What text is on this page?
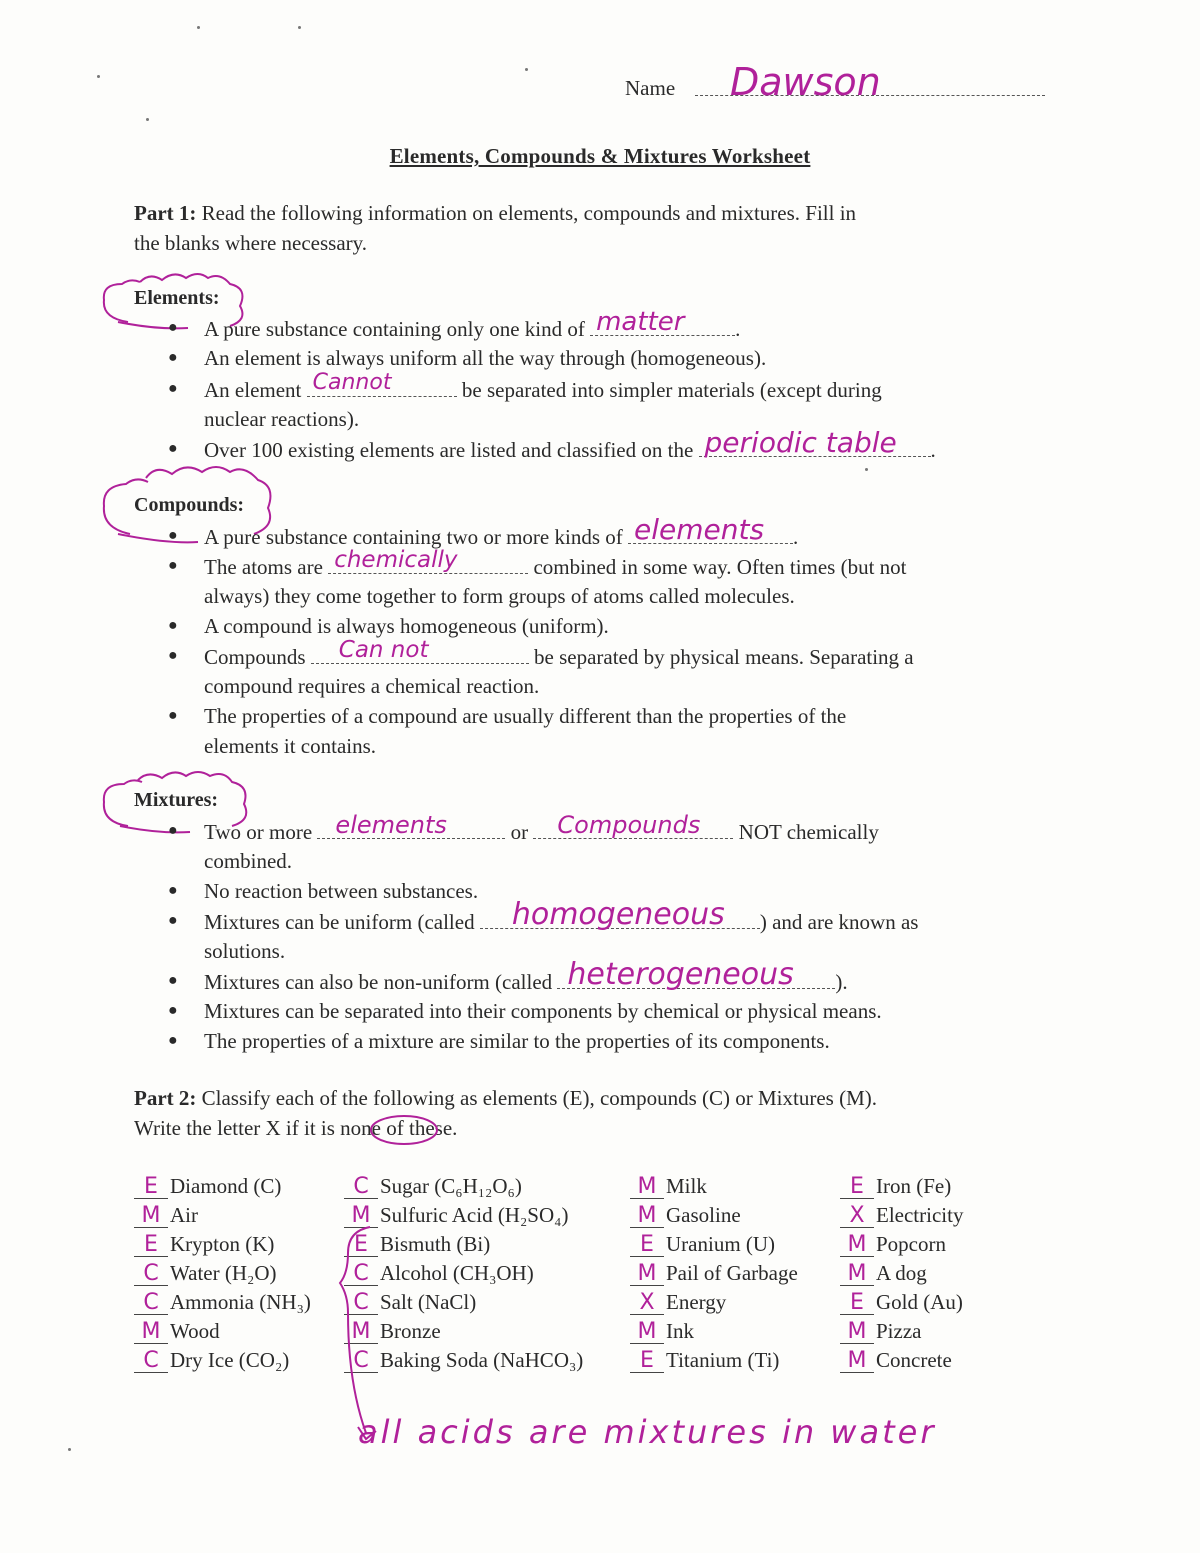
Name Dawson
Elements, Compounds & Mixtures Worksheet
Part 1: Read the following information on elements, compounds and mixtures. Fill in
the blanks where necessary.
Elements:
● A pure substance containing only one kind of matter .
● An element is always uniform all the way through (homogeneous).
● An element Cannot	be separated into simpler materials (except during
nuclear reactions).
● Over 100 existing elements are listed and classified on the periodic table .
Compounds:
● A pure substance containing two or more kinds of elements .
● The atoms are chemically	combined in some way. Often times (but not
always) they come together to form groups of atoms called molecules.
● A compound is always homogeneous (uniform).
● Compounds Can not	be separated by physical means. Separating a
compound requires a chemical reaction.
● The properties of a compound are usually different than the properties of the
elements it contains.
Mixtures:
● Two or more elements	or Compounds NOT chemically
combined.
● No reaction between substances.
● Mixtures can be uniform (called homogeneous ) and are known as
solutions.
● Mixtures can also be non-uniform (called heterogeneous ).
● Mixtures can be separated into their components by chemical or physical means.
● The properties of a mixture are similar to the properties of its components.
Part 2: Classify each of the following as elements (E), compounds (C) or Mixtures (M).
Write the letter X if it is none of these.
E Diamond (C)
M Air
E Krypton (K)
C Water (H₂O)
C Ammonia (NH₃)
M Wood
C Dry Ice (CO₂)
C Sugar (C₆H₁₂O₆)
M Sulfuric Acid (H₂SO₄)
E Bismuth (Bi)
C Alcohol (CH₃OH)
C Salt (NaCl)
M Bronze
C Baking Soda (NaHCO₃)
M Milk
M Gasoline
E Uranium (U)
M Pail of Garbage
X Energy
M Ink
E Titanium (Ti)
E Iron (Fe)
X Electricity
M Popcorn
M A dog
E Gold (Au)
M Pizza
M Concrete
all acids are mixtures in water
